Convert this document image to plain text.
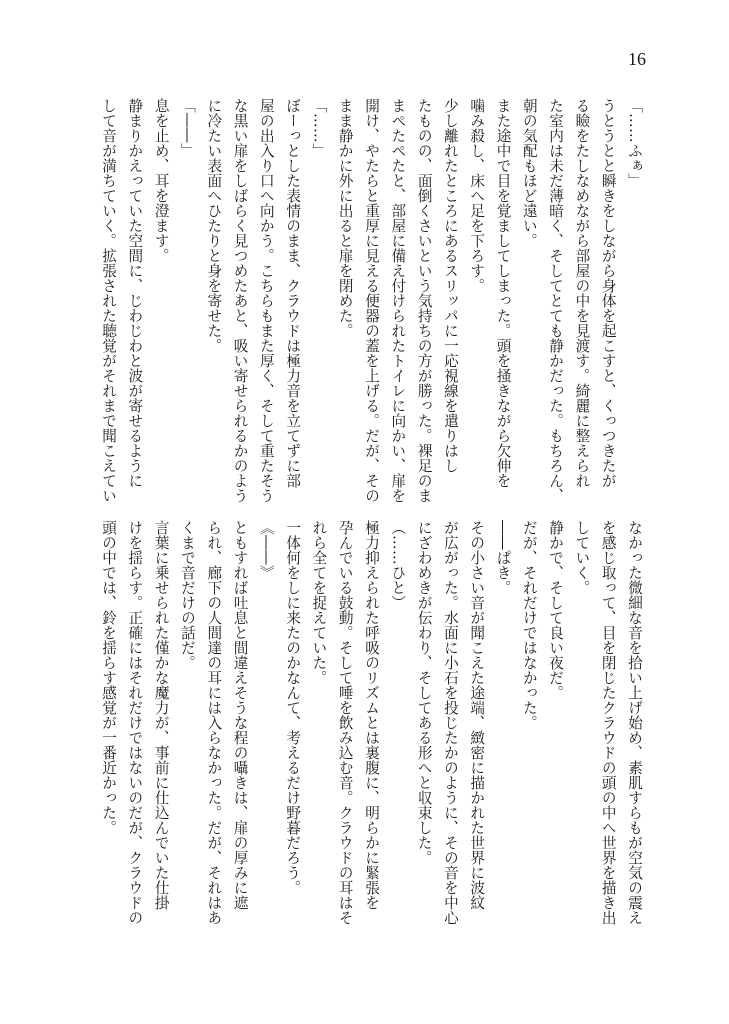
16
「……ふぁ」
うとうとと瞬きをしながら身体を起こすと、くっつきたが
る瞼をたしなめながら部屋の中を見渡す。綺麗に整えられ
た室内は未だ薄暗く、そしてとても静かだった。もちろん、
朝の気配もほど遠い。
また途中で目を覚ましてしまった。頭を掻きながら欠伸を
噛み殺し、床へ足を下ろす。
少し離れたところにあるスリッパに一応視線を遣りはし
たものの、面倒くさいという気持ちの方が勝った。裸足のま
まぺたぺたと、部屋に備え付けられたトイレに向かい、扉を
開け、やたらと重厚に見える便器の蓋を上げる。だが、その
まま静かに外に出ると扉を閉めた。
「……」
ぼーっとした表情のまま、クラウドは極力音を立てずに部
屋の出入り口へ向かう。こちらもまた厚く、そして重たそう
な黒い扉をしばらく見つめたあと、吸い寄せられるかのよう
に冷たい表面へひたりと身を寄せた。
「――」
息を止め、耳を澄ます。
静まりかえっていた空間に、じわじわと波が寄せるように
して音が満ちていく。拡張された聴覚がそれまで聞こえてい
なかった微細な音を拾い上げ始め、素肌すらもが空気の震え
を感じ取って、目を閉じたクラウドの頭の中へ世界を描き出
していく。
静かで、そして良い夜だ。
だが、それだけではなかった。
――ぱき。
その小さい音が聞こえた途端、緻密に描かれた世界に波紋
が広がった。水面に小石を投じたかのように、その音を中心
にざわめきが伝わり、そしてある形へと収束した。
（……ひと）
極力抑えられた呼吸のリズムとは裏腹に、明らかに緊張を
孕んでいる鼓動。そして唾を飲み込む音。クラウドの耳はそ
れら全てを捉えていた。
一体何をしに来たのかなんて、考えるだけ野暮だろう。
《――》
ともすれば吐息と間違えそうな程の囁きは、扉の厚みに遮
られ、廊下の人間達の耳には入らなかった。だが、それはあ
くまで音だけの話だ。
言葉に乗せられた僅かな魔力が、事前に仕込んでいた仕掛
けを揺らす。正確にはそれだけではないのだが、クラウドの
頭の中では、鈴を揺らす感覚が一番近かった。
